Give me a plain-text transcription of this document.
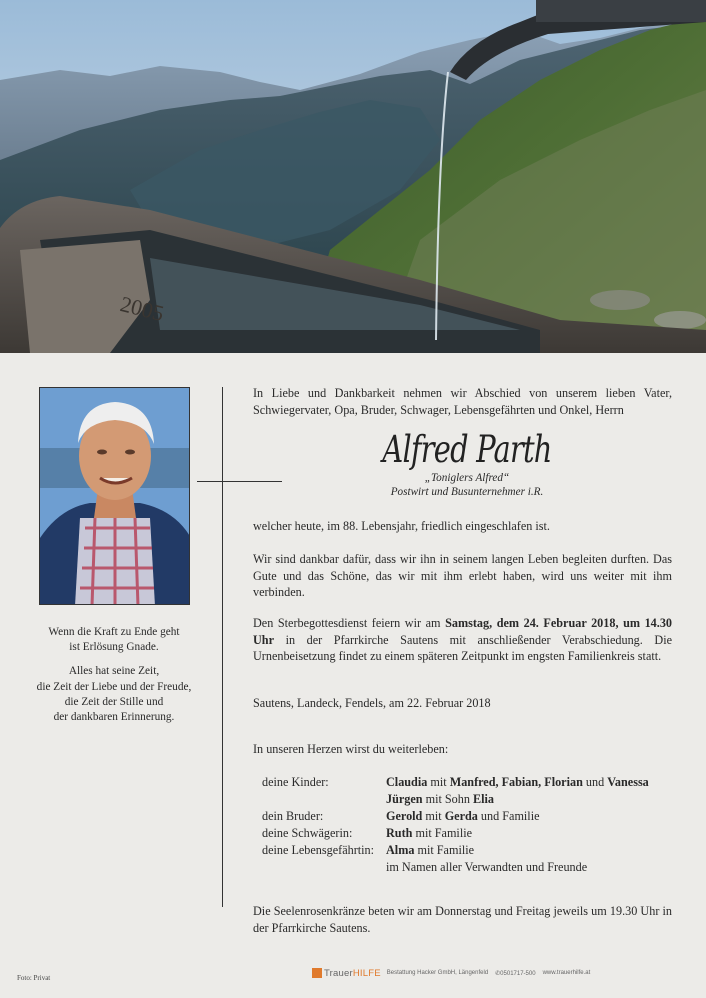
2005

Wenn die Kraft zu Ende geht

ist Erlösung Gnade.

Alles hat seine Zeit,

die Zeit der Liebe und der Freude,

die Zeit der Stille und

der dankbaren Erinnerung.

In Liebe und Dankbarkeit nehmen wir Abschied von unserem lieben Vater, Schwiegervater, Opa, Bruder, Schwager, Lebensgefährten und Onkel, Herrn
Alfred Parth
„Toniglers Alfred“
Postwirt und Busunternehmer i.R.
welcher heute, im 88. Lebensjahr, friedlich eingeschlafen ist.
Wir sind dankbar dafür, dass wir ihn in seinem langen Leben begleiten durften. Das Gute und das Schöne, das wir mit ihm erlebt haben, wird uns weiter mit ihm verbinden.
Den Sterbegottesdienst feiern wir am Samstag, dem 24. Februar 2018, um 14.30 Uhr in der Pfarrkirche Sautens mit anschließender Verabschiedung. Die Urnenbeisetzung findet zu einem späteren Zeitpunkt im engsten Familienkreis statt.
Sautens, Landeck, Fendels, am 22. Februar 2018
In unseren Herzen wirst du weiterleben:
deine Kinder:	Claudia mit Manfred, Fabian, Florian und Vanessa
Jürgen mit Sohn Elia
dein Bruder:	Gerold mit Gerda und Familie
deine Schwägerin:	Ruth mit Familie
deine Lebensgefährtin: Alma mit Familie
im Namen aller Verwandten und Freunde
Die Seelenrosenkränze beten wir am Donnerstag und Freitag jeweils um 19.30 Uhr in der Pfarrkirche Sautens.
Foto: Privat	TrauerHILFE Bestattung Hacker GmbH, Längenfeld ✆0501717-500 www.trauerhilfe.at
